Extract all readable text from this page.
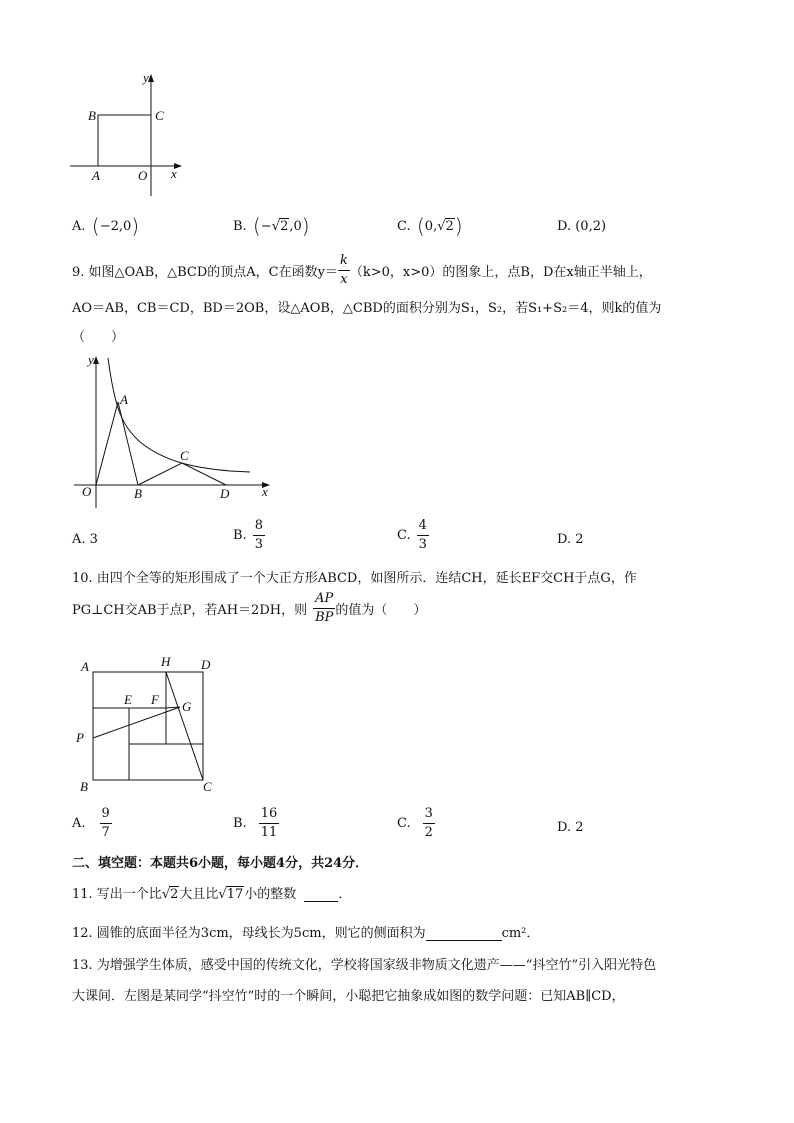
y
B	C
A	O x
A. ( −2,0 )	B. ( − √ 2 ,0 )	C. ( 0, √ 2 )	D.
(0,2)
9. 如图△OAB，△BCD的顶点A，C在函数$y= \frac{k}{x} (k>0$，x>0）的图象上，点B，D在x轴正半轴上，
AO＝AB，CB＝CD，BD＝2OB，设△AOB，△CBD的面积分别为S₁，S₂，若S₁+S₂＝4，则k的值为
（　　）
y
A
C
O	B	D	x
A. 3	B. $\frac{8}{3}$	C. $\frac{4}{3}$	D. 2
10. 由四个全等的矩形围成了一个大正方形ABCD，如图所示．连结CH，延长EF交CH于点G，作
PG⊥CH交AB于点P，若AH＝2DH，则 $\frac{AP}{BP}$ 的值为（　　）
A	H D
E F G
P
B	C
A. $\frac{9}{7}$	B. $\frac{16}{11}$	C. $\frac{3}{2}$	D. 2
二、填空题：本题共6小题，每小题4分，共24分．
11. 写出一个比√2大且比√17小的整数	．
12. 圆锥的底面半径为3cm，母线长为5cm，则它的侧面积为	cm²．
13. 为增强学生体质，感受中国的传统文化，学校将国家级非物质文化遗产——“抖空竹”引入阳光特色
大课间．左图是某同学“抖空竹”时的一个瞬间，小聪把它抽象成如图的数学问题：已知AB∥CD，
